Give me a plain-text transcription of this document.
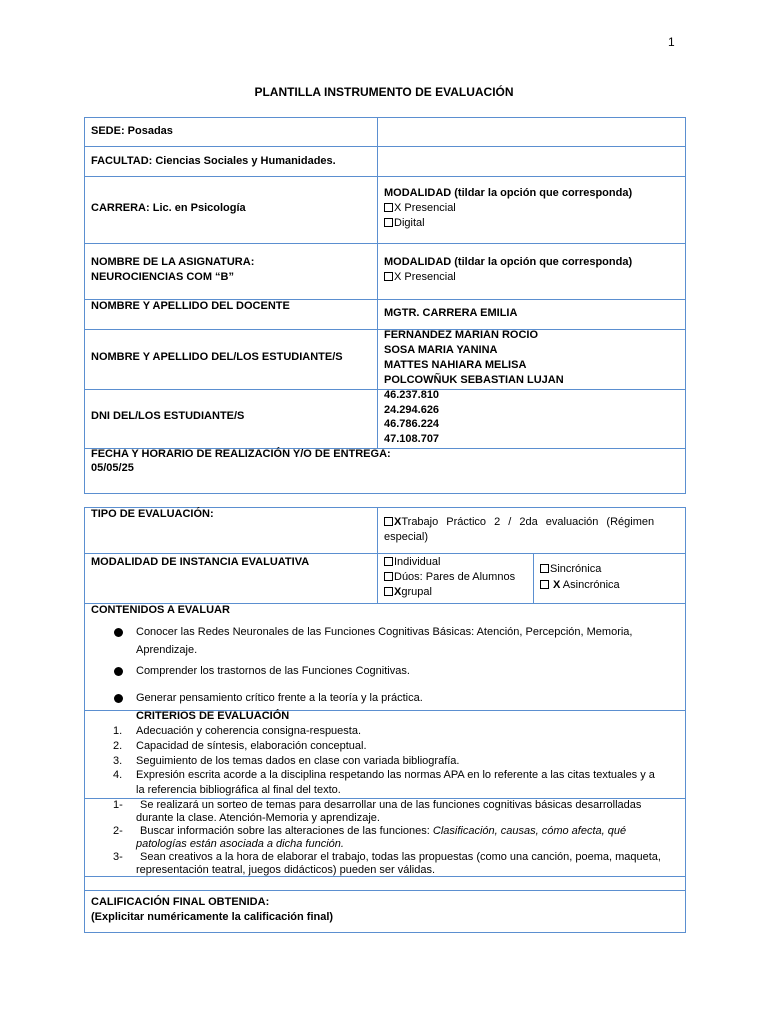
1
PLANTILLA INSTRUMENTO DE EVALUACIÓN
SEDE: Posadas
FACULTAD: Ciencias Sociales y Humanidades.
CARRERA: Lic. en Psicología
MODALIDAD (tildar la opción que corresponda)
X Presencial
Digital
NOMBRE DE LA ASIGNATURA:
NEUROCIENCIAS COM “B”
MODALIDAD (tildar la opción que corresponda)
X Presencial
NOMBRE Y APELLIDO DEL DOCENTE
MGTR. CARRERA EMILIA
NOMBRE Y APELLIDO DEL/LOS ESTUDIANTE/S
FERNANDEZ MARIAN ROCIO
SOSA MARIA YANINA
MATTES NAHIARA MELISA
POLCOWÑUK SEBASTIAN LUJAN
DNI DEL/LOS ESTUDIANTE/S
46.237.810
24.294.626
46.786.224
47.108.707
FECHA Y HORARIO DE REALIZACIÓN Y/O DE ENTREGA:
05/05/25
TIPO DE EVALUACIÓN:
XTrabajo Práctico 2 / 2da evaluación (Régimen
especial)
MODALIDAD DE INSTANCIA EVALUATIVA	Individual
Dúos: Pares de Alumnos
Xgrupal
Sincrónica
X Asincrónica
CONTENIDOS A EVALUAR
Conocer las Redes Neuronales de las Funciones Cognitivas Básicas: Atención, Percepción, Memoria,
Aprendizaje.
Comprender los trastornos de las Funciones Cognitivas.
Generar pensamiento crítico frente a la teoría y la práctica.
CRITERIOS DE EVALUACIÓN
1. Adecuación y coherencia consigna-respuesta.
2. Capacidad de síntesis, elaboración conceptual.
3. Seguimiento de los temas dados en clase con variada bibliografía.
4. Expresión escrita acorde a la disciplina respetando las normas APA en lo referente a las citas textuales y a
la referencia bibliográfica al final del texto.
1- Se realizará un sorteo de temas para desarrollar una de las funciones cognitivas básicas desarrolladas
durante la clase. Atención-Memoria y aprendizaje.
2- Buscar información sobre las alteraciones de las funciones: Clasificación, causas, cómo afecta, qué
patologías están asociada a dicha función.
3- Sean creativos a la hora de elaborar el trabajo, todas las propuestas (como una canción, poema, maqueta,
representación teatral, juegos didácticos) pueden ser válidas.
CALIFICACIÓN FINAL OBTENIDA:
(Explicitar numéricamente la calificación final)
